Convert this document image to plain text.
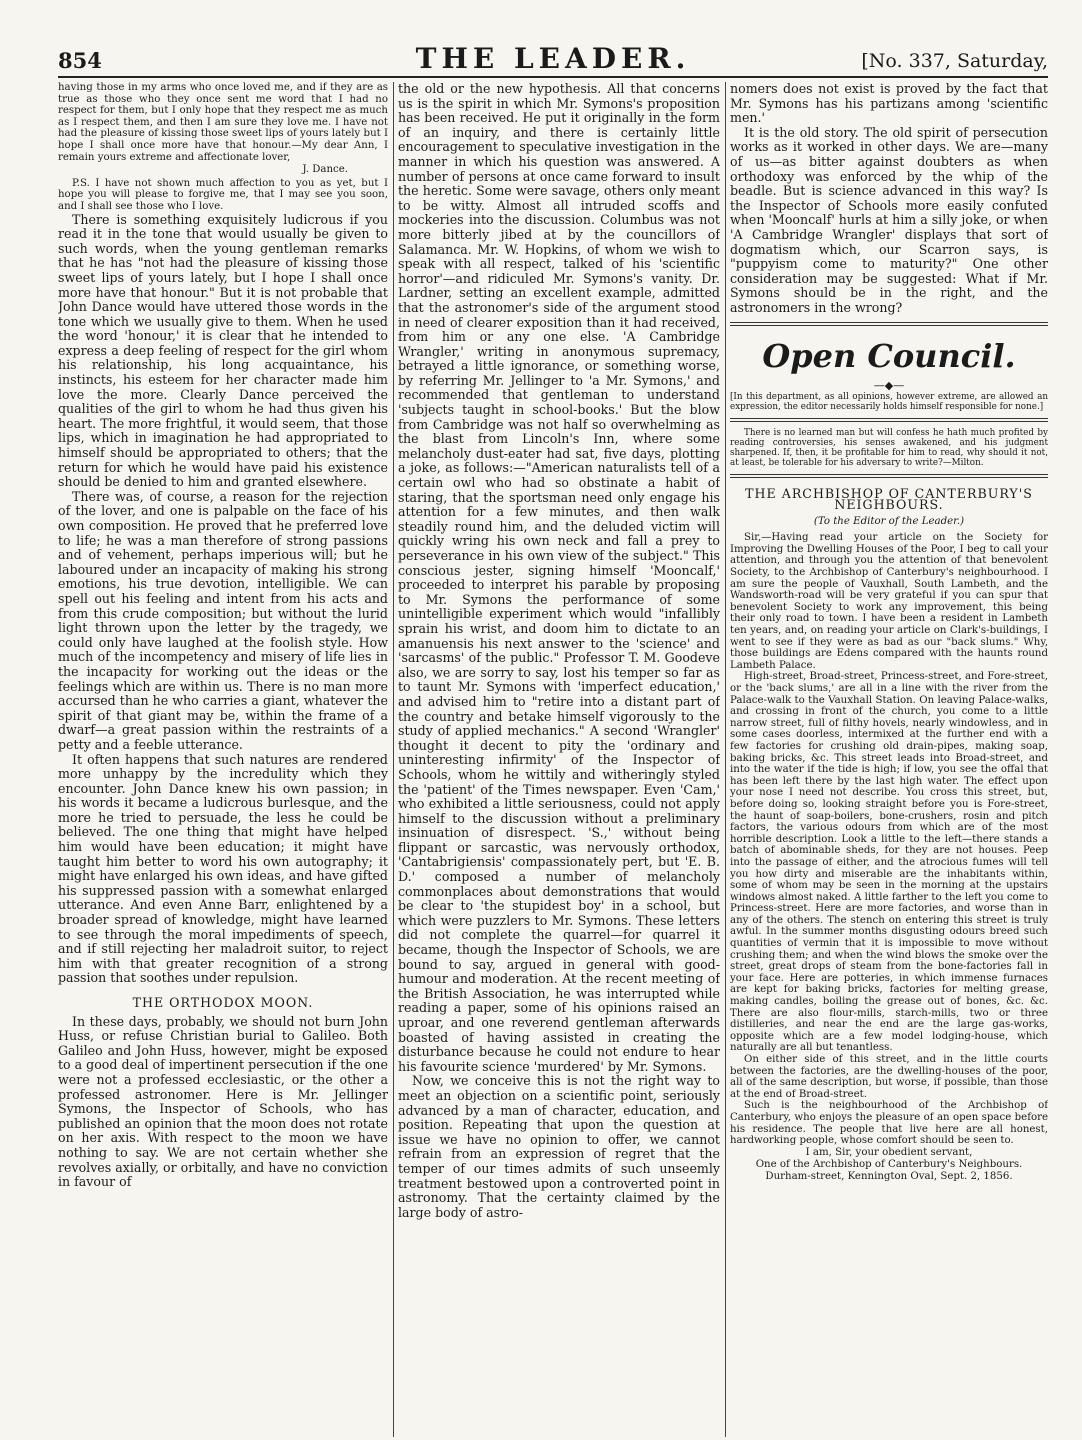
854	THE LEADER.	[No. 337, Saturday,

having those in my arms who once loved me, and if they are as true as those who they once sent me word that I had no respect for them, but I only hope that they respect me as much as I respect them, and then I am sure they love me. I have not had the pleasure of kissing those sweet lips of yours lately but I hope I shall once more have that honour.—My dear Ann, I remain yours extreme and affectionate lover,

J. Dance.

P.S. I have not shown much affection to you as yet, but I hope you will please to forgive me, that I may see you soon, and I shall see those who I love.

There is something exquisitely ludicrous if you read it in the tone that would usually be given to such words, when the young gentleman remarks that he has "not had the pleasure of kissing those sweet lips of yours lately, but I hope I shall once more have that honour." But it is not probable that John Dance would have uttered those words in the tone which we usually give to them. When he used the word 'honour,' it is clear that he intended to express a deep feeling of respect for the girl whom his relationship, his long acquaintance, his instincts, his esteem for her character made him love the more. Clearly Dance perceived the qualities of the girl to whom he had thus given his heart. The more frightful, it would seem, that those lips, which in imagination he had appropriated to himself should be appropriated to others; that the return for which he would have paid his existence should be denied to him and granted elsewhere.

There was, of course, a reason for the rejection of the lover, and one is palpable on the face of his own composition. He proved that he preferred love to life; he was a man therefore of strong passions and of vehement, perhaps imperious will; but he laboured under an incapacity of making his strong emotions, his true devotion, intelligible. We can spell out his feeling and intent from his acts and from this crude composition; but without the lurid light thrown upon the letter by the tragedy, we could only have laughed at the foolish style. How much of the incompetency and misery of life lies in the incapacity for working out the ideas or the feelings which are within us. There is no man more accursed than he who carries a giant, whatever the spirit of that giant may be, within the frame of a dwarf—a great passion within the restraints of a petty and a feeble utterance.

It often happens that such natures are rendered more unhappy by the incredulity which they encounter. John Dance knew his own passion; in his words it became a ludicrous burlesque, and the more he tried to persuade, the less he could be believed. The one thing that might have helped him would have been education; it might have taught him better to word his own autography; it might have enlarged his own ideas, and have gifted his suppressed passion with a somewhat enlarged utterance. And even Anne Barr, enlightened by a broader spread of knowledge, might have learned to see through the moral impediments of speech, and if still rejecting her maladroit suitor, to reject him with that greater recognition of a strong passion that soothes under repulsion.

THE ORTHODOX MOON.

In these days, probably, we should not burn John Huss, or refuse Christian burial to Galileo. Both Galileo and John Huss, however, might be exposed to a good deal of impertinent persecution if the one were not a professed ecclesiastic, or the other a professed astronomer. Here is Mr. Jellinger Symons, the Inspector of Schools, who has published an opinion that the moon does not rotate on her axis. With respect to the moon we have nothing to say. We are not certain whether she revolves axially, or orbitally, and have no conviction in favour of

the old or the new hypothesis. All that concerns us is the spirit in which Mr. Symons's proposition has been received. He put it originally in the form of an inquiry, and there is certainly little encouragement to speculative investigation in the manner in which his question was answered. A number of persons at once came forward to insult the heretic. Some were savage, others only meant to be witty. Almost all intruded scoffs and mockeries into the discussion. Columbus was not more bitterly jibed at by the councillors of Salamanca. Mr. W. Hopkins, of whom we wish to speak with all respect, talked of his 'scientific horror'—and ridiculed Mr. Symons's vanity. Dr. Lardner, setting an excellent example, admitted that the astronomer's side of the argument stood in need of clearer exposition than it had received, from him or any one else. 'A Cambridge Wrangler,' writing in anonymous supremacy, betrayed a little ignorance, or something worse, by referring Mr. Jellinger to 'a Mr. Symons,' and recommended that gentleman to understand 'subjects taught in school-books.' But the blow from Cambridge was not half so overwhelming as the blast from Lincoln's Inn, where some melancholy dust-eater had sat, five days, plotting a joke, as follows:—"American naturalists tell of a certain owl who had so obstinate a habit of staring, that the sportsman need only engage his attention for a few minutes, and then walk steadily round him, and the deluded victim will quickly wring his own neck and fall a prey to perseverance in his own view of the subject." This conscious jester, signing himself 'Mooncalf,' proceeded to interpret his parable by proposing to Mr. Symons the performance of some unintelligible experiment which would "infallibly sprain his wrist, and doom him to dictate to an amanuensis his next answer to the 'science' and 'sarcasms' of the public." Professor T. M. Goodeve also, we are sorry to say, lost his temper so far as to taunt Mr. Symons with 'imperfect education,' and advised him to "retire into a distant part of the country and betake himself vigorously to the study of applied mechanics." A second 'Wrangler' thought it decent to pity the 'ordinary and uninteresting infirmity' of the Inspector of Schools, whom he wittily and witheringly styled the 'patient' of the Times newspaper. Even 'Cam,' who exhibited a little seriousness, could not apply himself to the discussion without a preliminary insinuation of disrespect. 'S.,' without being flippant or sarcastic, was nervously orthodox, 'Cantabrigiensis' compassionately pert, but 'E. B. D.' composed a number of melancholy commonplaces about demonstrations that would be clear to 'the stupidest boy' in a school, but which were puzzlers to Mr. Symons. These letters did not complete the quarrel—for quarrel it became, though the Inspector of Schools, we are bound to say, argued in general with good-humour and moderation. At the recent meeting of the British Association, he was interrupted while reading a paper, some of his opinions raised an uproar, and one reverend gentleman afterwards boasted of having assisted in creating the disturbance because he could not endure to hear his favourite science 'murdered' by Mr. Symons.

Now, we conceive this is not the right way to meet an objection on a scientific point, seriously advanced by a man of character, education, and position. Repeating that upon the question at issue we have no opinion to offer, we cannot refrain from an expression of regret that the temper of our times admits of such unseemly treatment bestowed upon a controverted point in astronomy. That the certainty claimed by the large body of astro-

nomers does not exist is proved by the fact that Mr. Symons has his partizans among 'scientific men.'

It is the old story. The old spirit of persecution works as it worked in other days. We are—many of us—as bitter against doubters as when orthodoxy was enforced by the whip of the beadle. But is science advanced in this way? Is the Inspector of Schools more easily confuted when 'Mooncalf' hurls at him a silly joke, or when 'A Cambridge Wrangler' displays that sort of dogmatism which, our Scarron says, is "puppyism come to maturity?" One other consideration may be suggested: What if Mr. Symons should be in the right, and the astronomers in the wrong?

Open Council.
—◆—

[In this department, as all opinions, however extreme, are allowed an expression, the editor necessarily holds himself responsible for none.]

There is no learned man but will confess he hath much profited by reading controversies, his senses awakened, and his judgment sharpened. If, then, it be profitable for him to read, why should it not, at least, be tolerable for his adversary to write?—Milton.

THE ARCHBISHOP OF CANTERBURY'S NEIGHBOURS.
(To the Editor of the Leader.)

Sir,—Having read your article on the Society for Improving the Dwelling Houses of the Poor, I beg to call your attention, and through you the attention of that benevolent Society, to the Archbishop of Canterbury's neighbourhood. I am sure the people of Vauxhall, South Lambeth, and the Wandsworth-road will be very grateful if you can spur that benevolent Society to work any improvement, this being their only road to town. I have been a resident in Lambeth ten years, and, on reading your article on Clark's-buildings, I went to see if they were as bad as our "back slums." Why, those buildings are Edens compared with the haunts round Lambeth Palace.

High-street, Broad-street, Princess-street, and Fore-street, or the 'back slums,' are all in a line with the river from the Palace-walk to the Vauxhall Station. On leaving Palace-walks, and crossing in front of the church, you come to a little narrow street, full of filthy hovels, nearly windowless, and in some cases doorless, intermixed at the further end with a few factories for crushing old drain-pipes, making soap, baking bricks, &c. This street leads into Broad-street, and into the water if the tide is high; if low, you see the offal that has been left there by the last high water. The effect upon your nose I need not describe. You cross this street, but, before doing so, looking straight before you is Fore-street, the haunt of soap-boilers, bone-crushers, rosin and pitch factors, the various odours from which are of the most horrible description. Look a little to the left—there stands a batch of abominable sheds, for they are not houses. Peep into the passage of either, and the atrocious fumes will tell you how dirty and miserable are the inhabitants within, some of whom may be seen in the morning at the upstairs windows almost naked. A little farther to the left you come to Princess-street. Here are more factories, and worse than in any of the others. The stench on entering this street is truly awful. In the summer months disgusting odours breed such quantities of vermin that it is impossible to move without crushing them; and when the wind blows the smoke over the street, great drops of steam from the bone-factories fall in your face. Here are potteries, in which immense furnaces are kept for baking bricks, factories for melting grease, making candles, boiling the grease out of bones, &c. &c. There are also flour-mills, starch-mills, two or three distilleries, and near the end are the large gas-works, opposite which are a few model lodging-house, which naturally are all but tenantless.

On either side of this street, and in the little courts between the factories, are the dwelling-houses of the poor, all of the same description, but worse, if possible, than those at the end of Broad-street.

Such is the neighbourhood of the Archbishop of Canterbury, who enjoys the pleasure of an open space before his residence. The people that live here are all honest, hardworking people, whose comfort should be seen to.

I am, Sir, your obedient servant,
One of the Archbishop of Canterbury's Neighbours.
Durham-street, Kennington Oval, Sept. 2, 1856.
